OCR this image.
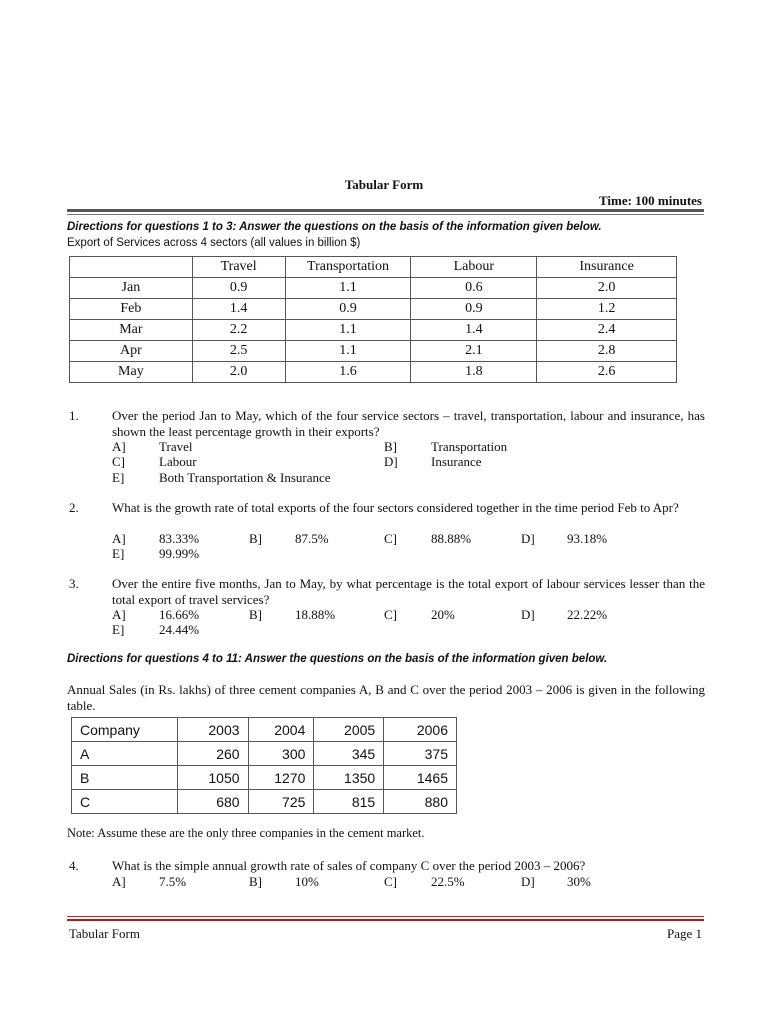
Tabular Form
Time: 100 minutes
Directions for questions 1 to 3: Answer the questions on the basis of the information given below.
Export of Services across 4 sectors (all values in billion $)
	Travel	Transportation	Labour	Insurance
Jan	0.9	1.1	0.6	2.0
Feb	1.4	0.9	0.9	1.2
Mar	2.2	1.1	1.4	2.4
Apr	2.5	1.1	2.1	2.8
May	2.0	1.6	1.8	2.6
1.	Over the period Jan to May, which of the four service sectors – travel, transportation, labour and insurance, has shown the least percentage growth in their exports?
A]	Travel	B]	Transportation
C]	Labour	D]	Insurance
E]	Both Transportation & Insurance
2.	What is the growth rate of total exports of the four sectors considered together in the time period Feb to Apr?
A]	83.33%	B]	87.5%	C]	88.88%	D] 93.18%
E]	99.99%
3.	Over the entire five months, Jan to May, by what percentage is the total export of labour services lesser than the total export of travel services?
A]	16.66%	B]	18.88%	C]	20%	D] 22.22%
E]	24.44%
Directions for questions 4 to 11: Answer the questions on the basis of the information given below.
Annual Sales (in Rs. lakhs) of three cement companies A, B and C over the period 2003 – 2006 is given in the following table.
Company	2003	2004	2005	2006
A	260	300	345	375
B	1050	1270	1350	1465
C	680	725	815	880
Note: Assume these are the only three companies in the cement market.
4.	What is the simple annual growth rate of sales of company C over the period 2003 – 2006?
A]	7.5%	B]	10%	C]	22.5%	D] 30%
Tabular Form	Page 1
